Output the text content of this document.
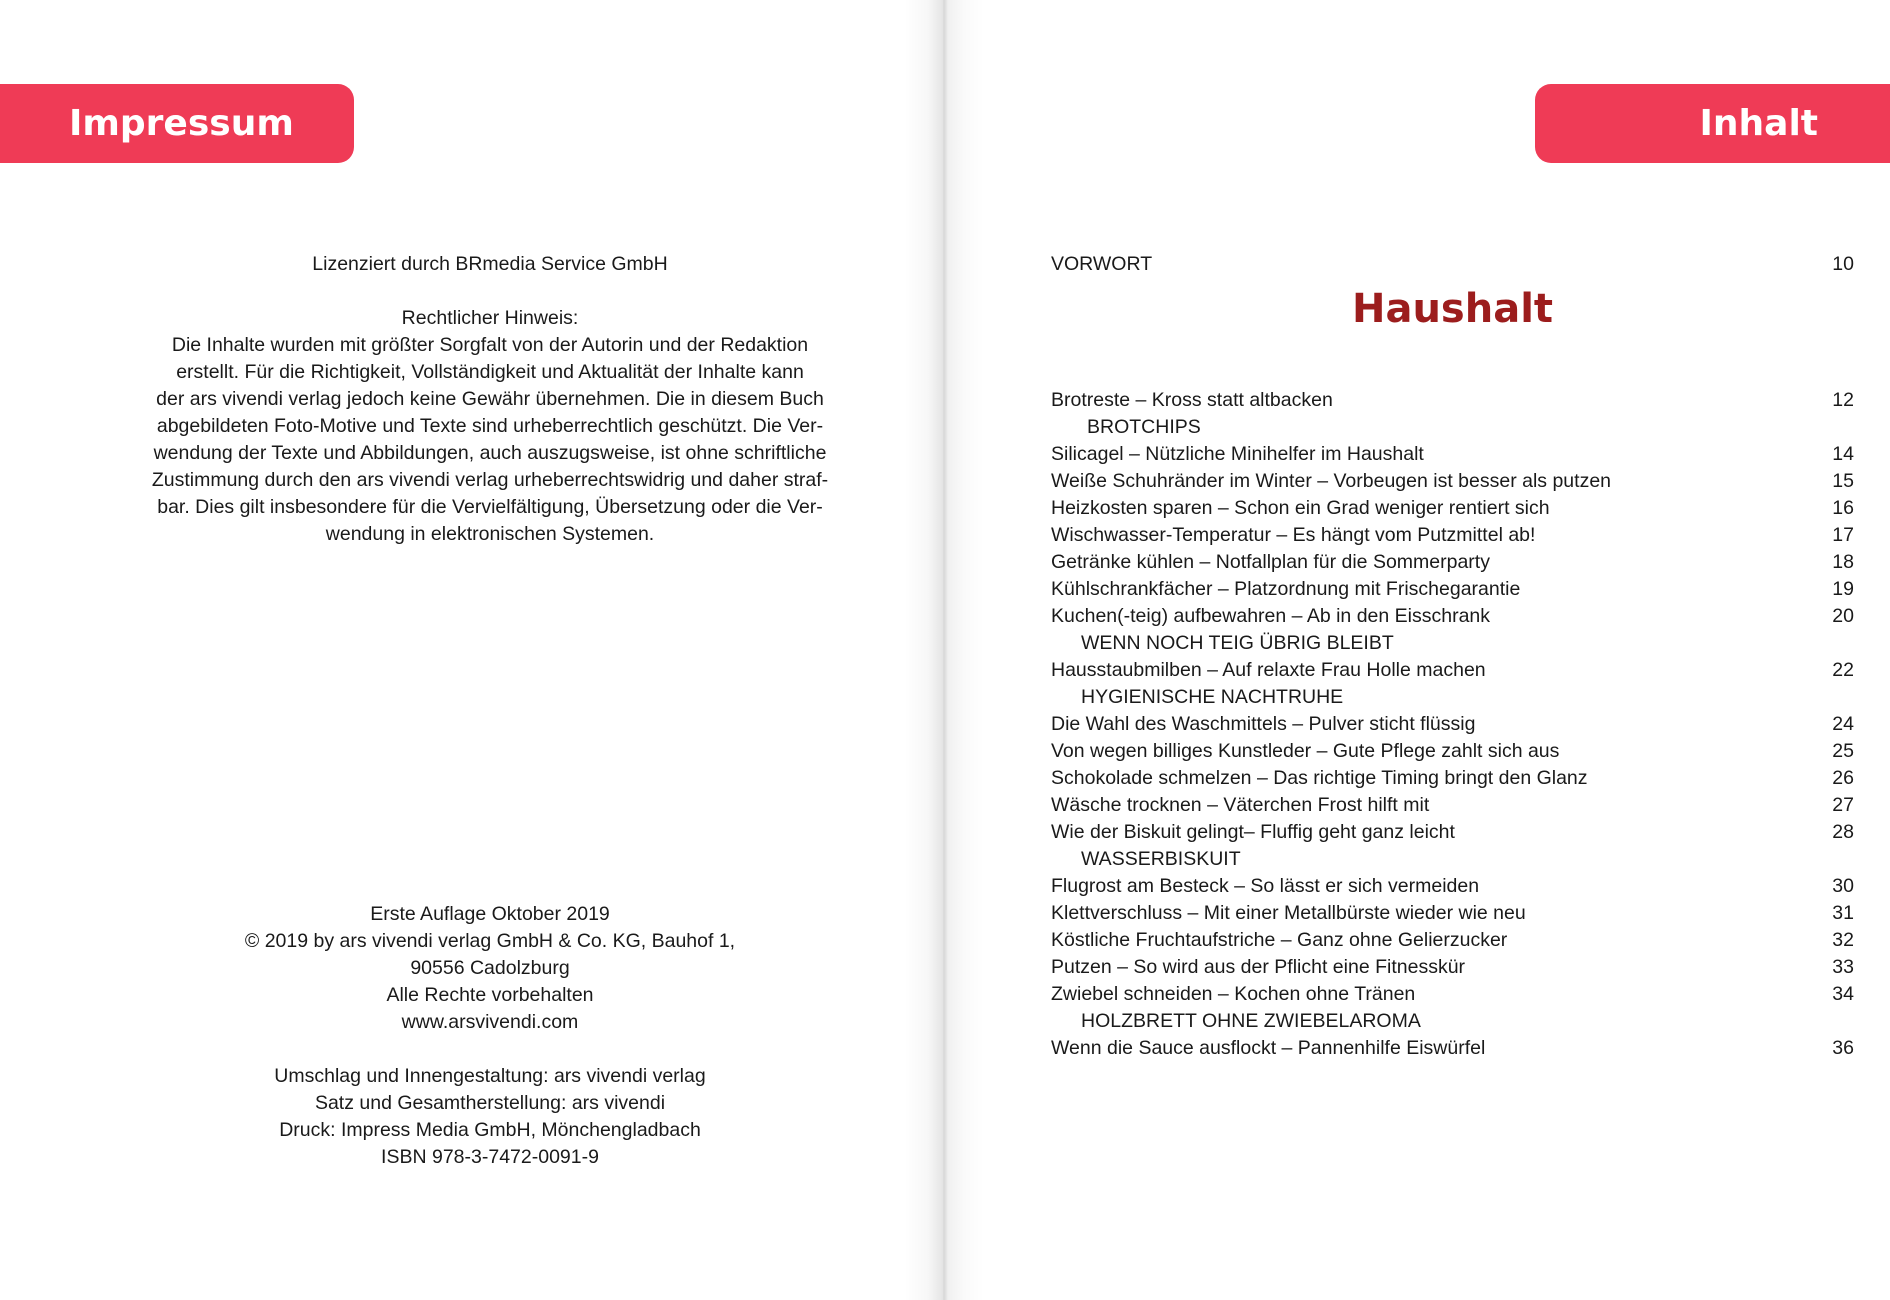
Impressum

Lizenziert durch BRmedia Service GmbH

Rechtlicher Hinweis:

Die Inhalte wurden mit größter Sorgfalt von der Autorin und der Redaktion

erstellt. Für die Richtigkeit, Vollständigkeit und Aktualität der Inhalte kann

der ars vivendi verlag jedoch keine Gewähr übernehmen. Die in diesem Buch

abgebildeten Foto-Motive und Texte sind urheberrechtlich geschützt. Die Ver-

wendung der Texte und Abbildungen, auch auszugsweise, ist ohne schriftliche

Zustimmung durch den ars vivendi verlag urheberrechtswidrig und daher straf-

bar. Dies gilt insbesondere für die Vervielfältigung, Übersetzung oder die Ver-

wendung in elektronischen Systemen.

Erste Auflage Oktober 2019

© 2019 by ars vivendi verlag GmbH & Co. KG, Bauhof 1,

90556 Cadolzburg

Alle Rechte vorbehalten

www.arsvivendi.com

Umschlag und Innengestaltung: ars vivendi verlag

Satz und Gesamtherstellung: ars vivendi

Druck: Impress Media GmbH, Mönchengladbach

ISBN 978-3-7472-0091-9

Inhalt
VORWORT	10
Haushalt
Brotreste – Kross statt altbacken	12
BROTCHIPS
Silicagel – Nützliche Minihelfer im Haushalt	14
Weiße Schuhränder im Winter – Vorbeugen ist besser als putzen	15
Heizkosten sparen – Schon ein Grad weniger rentiert sich	16
Wischwasser-Temperatur – Es hängt vom Putzmittel ab!	17
Getränke kühlen – Notfallplan für die Sommerparty	18
Kühlschrankfächer – Platzordnung mit Frischegarantie	19
Kuchen(-teig) aufbewahren – Ab in den Eisschrank	20
WENN NOCH TEIG ÜBRIG BLEIBT
Hausstaubmilben – Auf relaxte Frau Holle machen	22
HYGIENISCHE NACHTRUHE
Die Wahl des Waschmittels – Pulver sticht flüssig	24
Von wegen billiges Kunstleder – Gute Pflege zahlt sich aus	25
Schokolade schmelzen – Das richtige Timing bringt den Glanz	26
Wäsche trocknen – Väterchen Frost hilft mit	27
Wie der Biskuit gelingt– Fluffig geht ganz leicht	28
WASSERBISKUIT
Flugrost am Besteck – So lässt er sich vermeiden	30
Klettverschluss – Mit einer Metallbürste wieder wie neu	31
Köstliche Fruchtaufstriche – Ganz ohne Gelierzucker	32
Putzen – So wird aus der Pflicht eine Fitnesskür	33
Zwiebel schneiden – Kochen ohne Tränen	34
HOLZBRETT OHNE ZWIEBELAROMA
Wenn die Sauce ausflockt – Pannenhilfe Eiswürfel	36
